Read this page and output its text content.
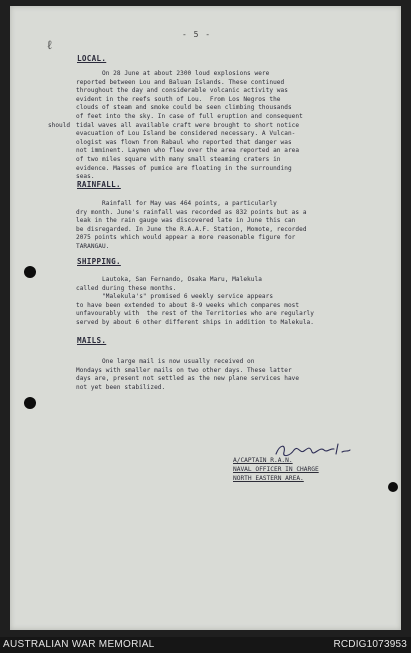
- 5 -
ℓ
LOCAL.
On 28 June at about 2300 loud explosions were
reported between Lou and Baluan Islands. These continued
throughout the day and considerable volcanic activity was
evident in the reefs south of Lou.  From Los Negros the
clouds of steam and smoke could be seen climbing thousands
of feet into the sky. In case of full eruption and consequent
tidal waves all available craft were brought to short notice
evacuation of Lou Island be considered necessary. A Vulcan-
ologist was flown from Rabaul who reported that danger was
not imminent. Laymen who flew over the area reported an area
of two miles square with many small steaming craters in
evidence. Masses of pumice are floating in the surrounding
seas.
should
RAINFALL.
Rainfall for May was 464 points, a particularly
dry month. June's rainfall was recorded as 832 points but as a
leak in the rain gauge was discovered late in June this can
be disregarded. In June the R.A.A.F. Station, Momote, recorded
2075 points which would appear a more reasonable figure for
TARANGAU.
SHIPPING.
Lautoka, San Fernando, Osaka Maru, Malekula
called during these months.
"Malekula's" promised 6 weekly service appears
to have been extended to about 8-9 weeks which compares most
unfavourably with  the rest of the Territories who are regularly
served by about 6 other different ships in addition to Malekula.
MAILS.
One large mail is now usually received on
Mondays with smaller mails on two other days. These latter
days are, present not settled as the new plane services have
not yet been stabilized.
A/CAPTAIN R.A.N.
NAVAL OFFICER IN CHARGE
NORTH EASTERN AREA.
AUSTRALIAN WAR MEMORIAL	RCDIG1073953
